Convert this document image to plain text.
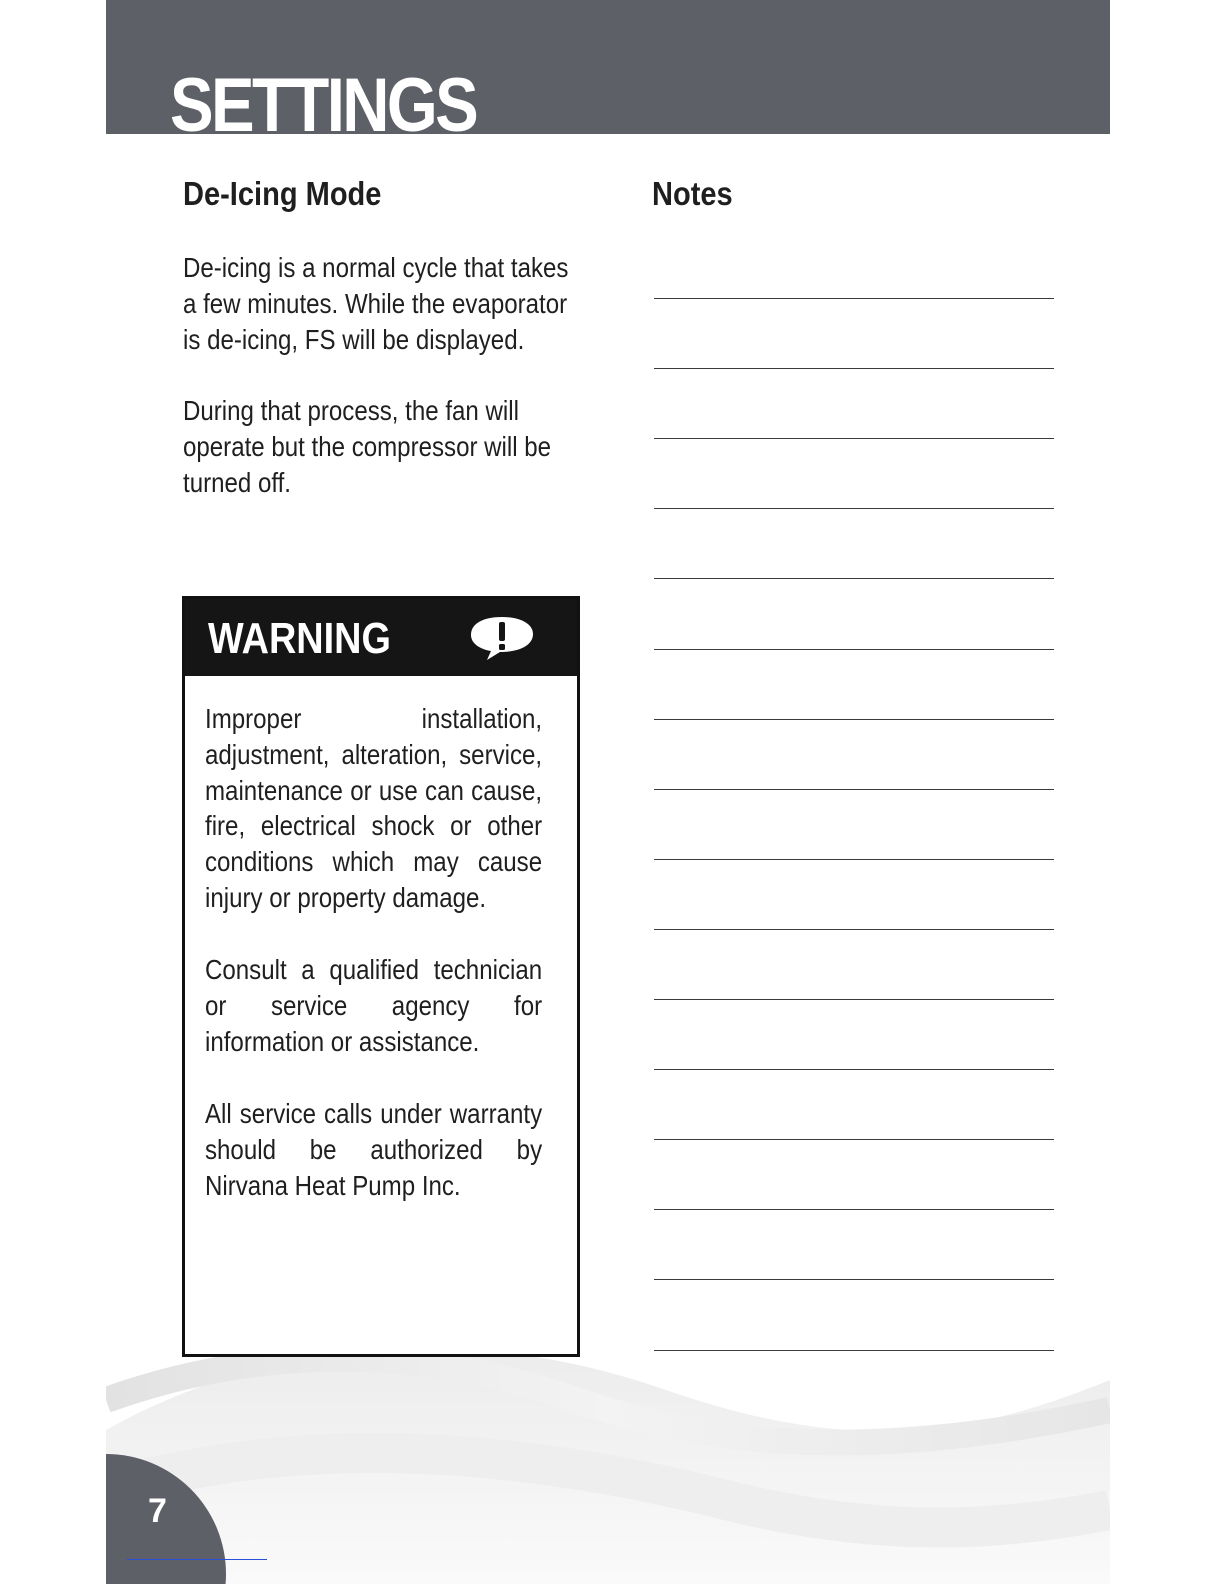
SETTINGS
De-Icing Mode

De-icing is a normal cycle that takes a few minutes. While the evaporator is de-icing, FS will be displayed.

During that process, the fan will operate but the compressor will be turned off.

WARNING

Improper installation, adjustment, alteration, service, maintenance or use can cause, fire, electrical shock or other conditions which may cause injury or property damage.

Consult a qualified technician or service agency for information or assistance.

All service calls under warranty should be authorized by Nirvana Heat Pump Inc.

Notes
7
